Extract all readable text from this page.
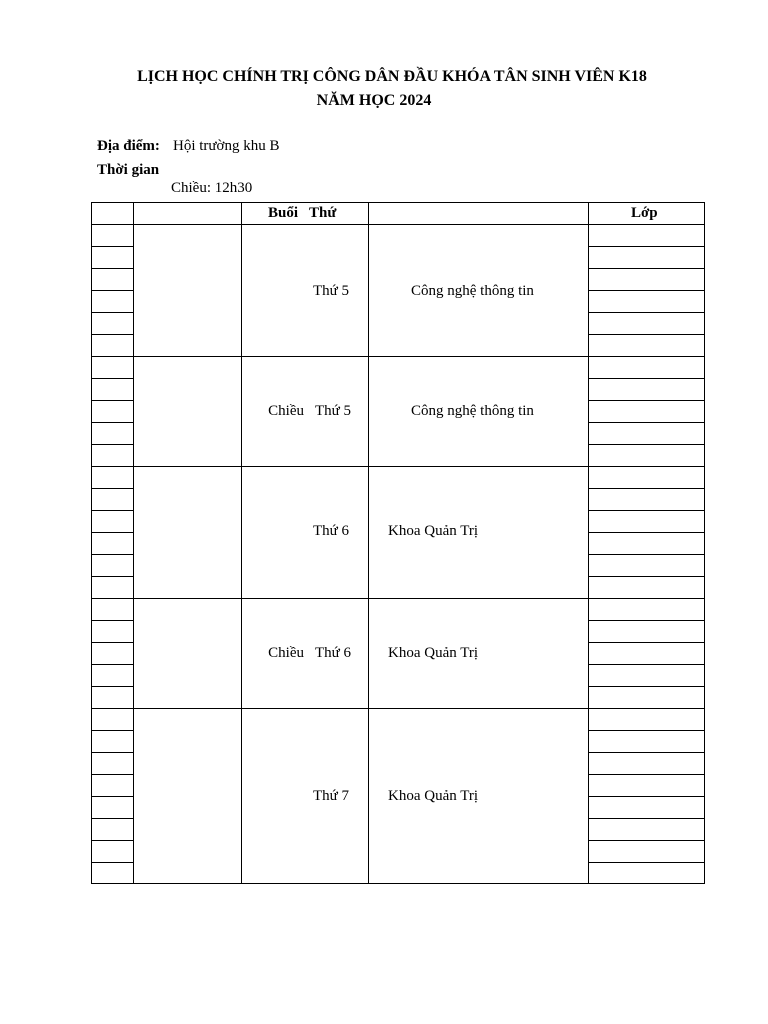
LỊCH HỌC CHÍNH TRỊ CÔNG DÂN ĐẦU KHÓA TÂN SINH VIÊN K18
NĂM HỌC 2024
Địa điểm: Hội trường khu B
Thời gian
Chiều: 12h30
Buổi   Thứ	Lớp
Thứ 5	Công nghệ thông tin
Chiều   Thứ 5	Công nghệ thông tin
Thứ 6	Khoa Quản Trị
Chiều   Thứ 6 Khoa Quản Trị
Thứ 7	Khoa Quản Trị
